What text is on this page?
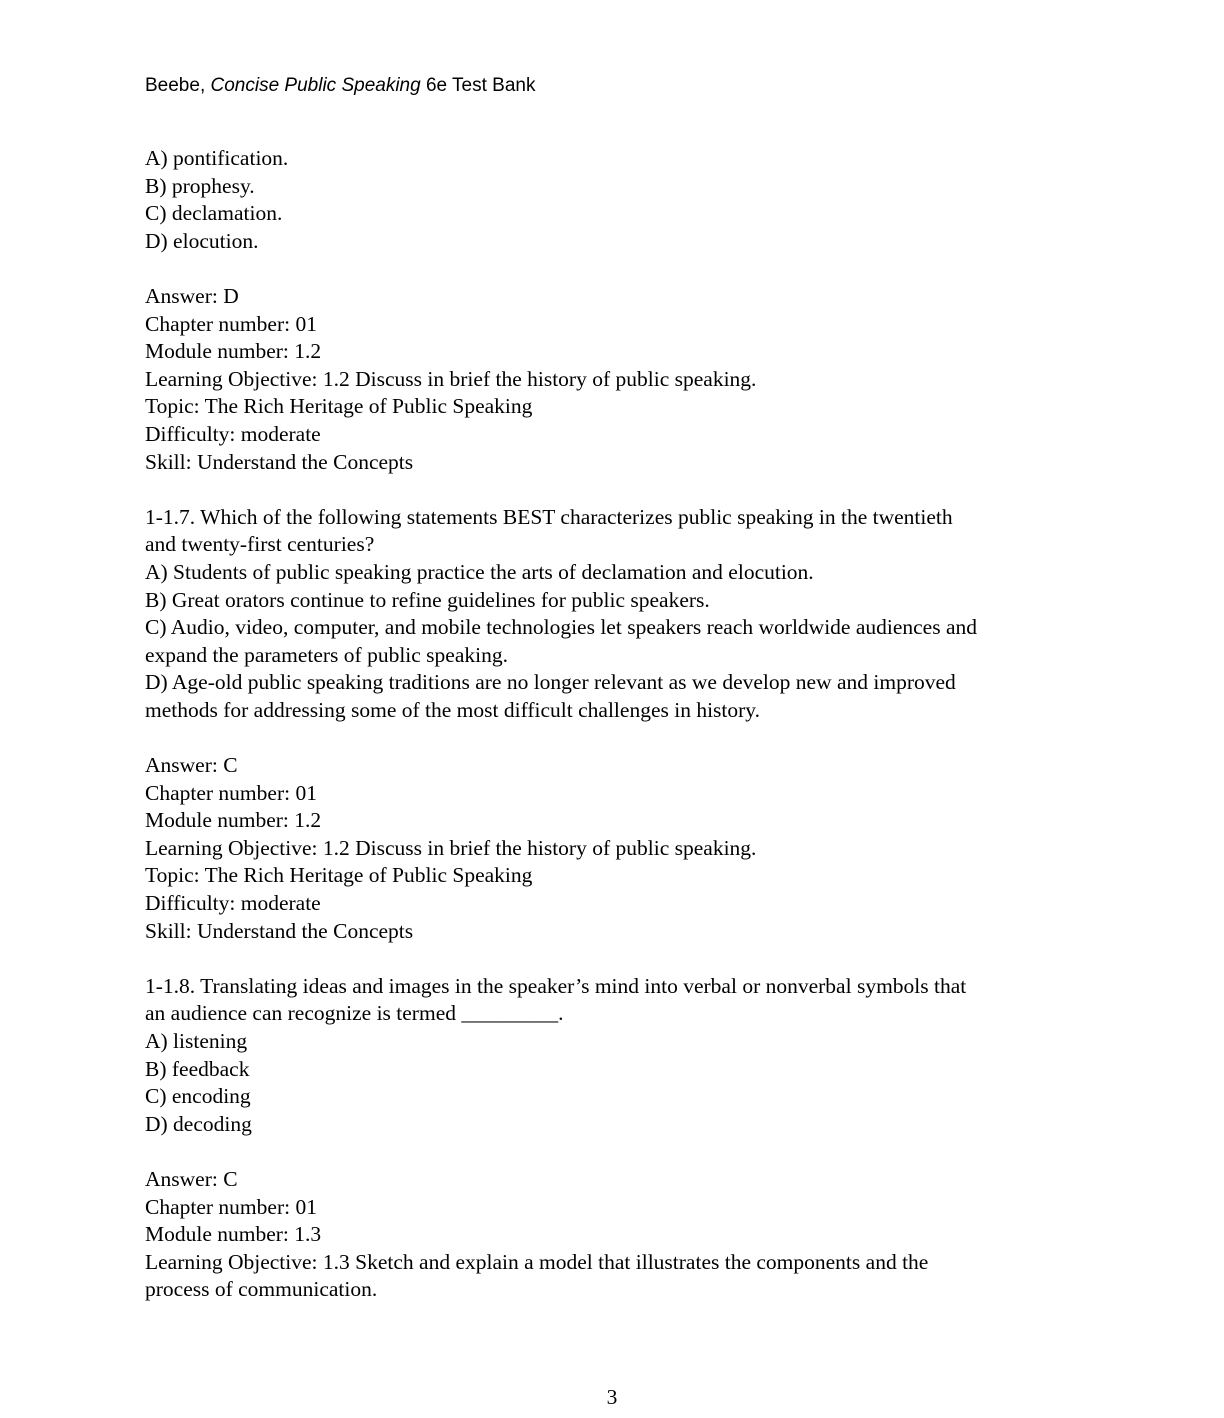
Beebe, Concise Public Speaking 6e Test Bank
A) pontification.
B) prophesy.
C) declamation.
D) elocution.
Answer: D
Chapter number: 01
Module number: 1.2
Learning Objective: 1.2 Discuss in brief the history of public speaking.
Topic: The Rich Heritage of Public Speaking
Difficulty: moderate
Skill: Understand the Concepts
1-1.7. Which of the following statements BEST characterizes public speaking in the twentieth
and twenty-first centuries?
A) Students of public speaking practice the arts of declamation and elocution.
B) Great orators continue to refine guidelines for public speakers.
C) Audio, video, computer, and mobile technologies let speakers reach worldwide audiences and
expand the parameters of public speaking.
D) Age-old public speaking traditions are no longer relevant as we develop new and improved
methods for addressing some of the most difficult challenges in history.
Answer: C
Chapter number: 01
Module number: 1.2
Learning Objective: 1.2 Discuss in brief the history of public speaking.
Topic: The Rich Heritage of Public Speaking
Difficulty: moderate
Skill: Understand the Concepts
1-1.8. Translating ideas and images in the speaker’s mind into verbal or nonverbal symbols that
an audience can recognize is termed _________.
A) listening
B) feedback
C) encoding
D) decoding
Answer: C
Chapter number: 01
Module number: 1.3
Learning Objective: 1.3 Sketch and explain a model that illustrates the components and the
process of communication.
3
